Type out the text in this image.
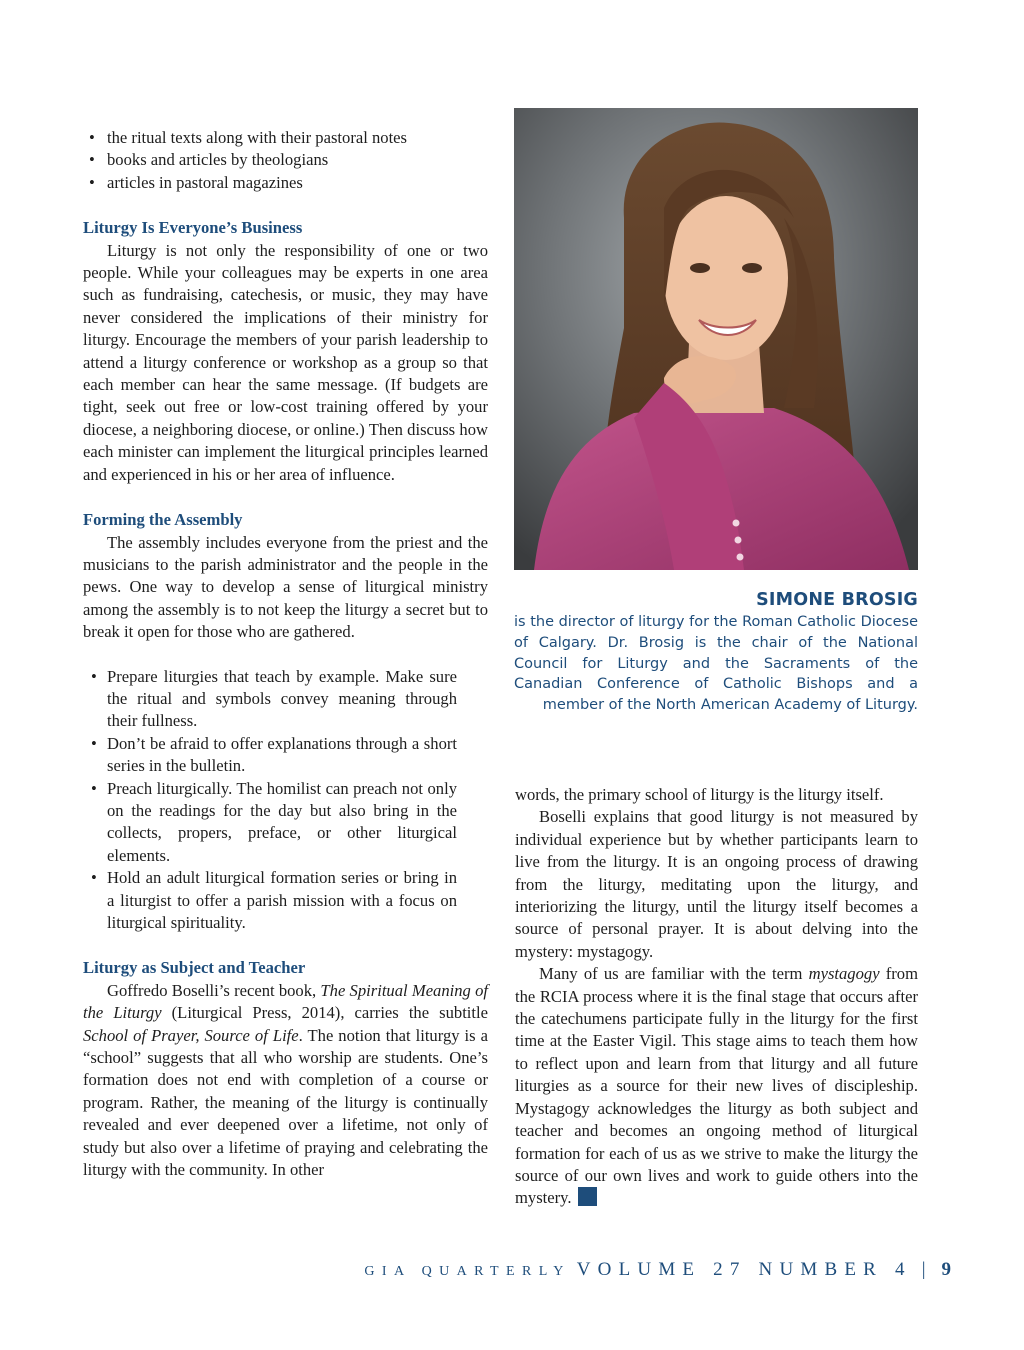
• the ritual texts along with their pastoral notes
• books and articles by theologians
• articles in pastoral magazines
Liturgy Is Everyone’s Business

Liturgy is not only the responsibility of one or two people. While your colleagues may be experts in one area such as fundraising, catechesis, or music, they may have never considered the implications of their ministry for liturgy. Encourage the members of your parish leadership to attend a liturgy conference or workshop as a group so that each member can hear the same message. (If budgets are tight, seek out free or low-cost training offered by your diocese, a neighboring diocese, or online.) Then discuss how each minister can implement the liturgical principles learned and experienced in his or her area of influence.

Forming the Assembly

The assembly includes everyone from the priest and the musicians to the parish administrator and the people in the pews. One way to develop a sense of liturgical ministry among the assembly is to not keep the liturgy a secret but to break it open for those who are gathered.

• Prepare liturgies that teach by example. Make sure the ritual and symbols convey meaning through their fullness.
• Don’t be afraid to offer explanations through a short series in the bulletin.
• Preach liturgically. The homilist can preach not only on the readings for the day but also bring in the collects, propers, preface, or other liturgical elements.
• Hold an adult liturgical formation series or bring in a liturgist to offer a parish mission with a focus on liturgical spirituality.
Liturgy as Subject and Teacher

Goffredo Boselli’s recent book, The Spiritual Meaning of the Liturgy (Liturgical Press, 2014), carries the subtitle School of Prayer, Source of Life. The notion that liturgy is a “school” suggests that all who worship are students. One’s formation does not end with completion of a course or program. Rather, the meaning of the liturgy is continually revealed and ever deepened over a lifetime, not only of study but also over a lifetime of praying and celebrating the liturgy with the community. In other

SIMONE BROSIG
is the director of liturgy for the Roman Catholic Diocese of Calgary. Dr. Brosig is the chair of the National Council for Liturgy and the Sacraments of the Canadian Conference of Catholic Bishops and a member of the North American Academy of Liturgy.

words, the primary school of liturgy is the liturgy itself.

Boselli explains that good liturgy is not measured by individual experience but by whether participants learn to live from the liturgy. It is an ongoing process of drawing from the liturgy, meditating upon the liturgy, and interiorizing the liturgy, until the liturgy itself becomes a source of personal prayer. It is about delving into the mystery: mystagogy.

Many of us are familiar with the term mystagogy from the RCIA process where it is the final stage that occurs after the catechumens participate fully in the liturgy for the first time at the Easter Vigil. This stage aims to teach them how to reflect upon and learn from that liturgy and all future liturgies as a source for their new lives of discipleship. Mystagogy acknowledges the liturgy as both subject and teacher and becomes an ongoing method of liturgical formation for each of us as we strive to make the liturgy the source of our own lives and work to guide others into the mystery.

GIA QUARTERLY VOLUME 27 NUMBER 4 | 9
